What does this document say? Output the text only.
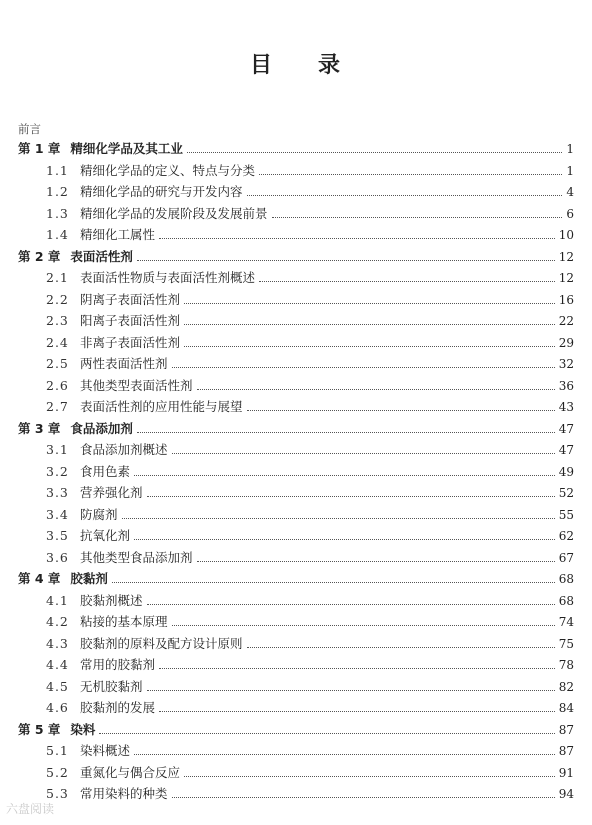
目 录
前言
第 1 章 精细化学品及其工业	1
1.1 精细化学品的定义、特点与分类	1
1.2 精细化学品的研究与开发内容	4
1.3 精细化学品的发展阶段及发展前景	6
1.4 精细化工属性	10
第 2 章 表面活性剂	12
2.1 表面活性物质与表面活性剂概述	12
2.2 阴离子表面活性剂	16
2.3 阳离子表面活性剂	22
2.4 非离子表面活性剂	29
2.5 两性表面活性剂	32
2.6 其他类型表面活性剂	36
2.7 表面活性剂的应用性能与展望	43
第 3 章 食品添加剂	47
3.1 食品添加剂概述	47
3.2 食用色素	49
3.3 营养强化剂	52
3.4 防腐剂	55
3.5 抗氧化剂	62
3.6 其他类型食品添加剂	67
第 4 章 胶黏剂	68
4.1 胶黏剂概述	68
4.2 粘接的基本原理	74
4.3 胶黏剂的原料及配方设计原则	75
4.4 常用的胶黏剂	78
4.5 无机胶黏剂	82
4.6 胶黏剂的发展	84
第 5 章 染料	87
5.1 染料概述	87
5.2 重氮化与偶合反应	91
5.3 常用染料的种类	94
六盘阅读
